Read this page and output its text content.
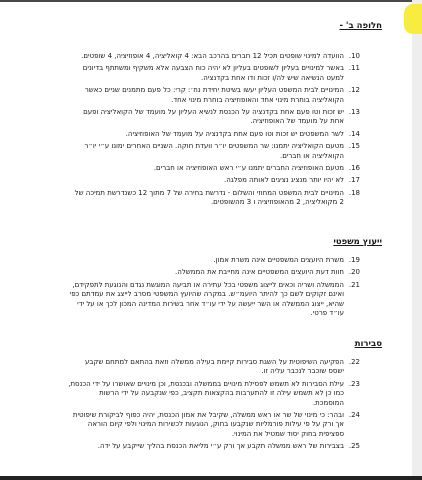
חלופה ב' -
10.
הוועדה למינוי שופטים תכיל 12 חברים בהרכב הבא: 4 קואליציה, 4 אופוזיציה, 4 שופטים.
11.
באשר למינויים בעליון לשופטים בעליון לא יהיה כוח הצבעה אלא משקיף ומשתתף בדיונים למעט הנשיאה שיש לה/ו זכות ודו אחת בקדנציה.
12.
המינויים לבית המשפט העליון יעשו בשיטת יחידת נח׳: קרי: כל פעם מתמנים שניים כאשר הקואליציה בוחרת מינוי אחד והאופוזיציה בוחרת מינוי אחד.
13.
יש זכות וטו פעם אחת בקדנציה על הכנסת לנשיא העליון על מועמד של הקואליציה ופעם אחת על מועמד של האופוזיציה.
14.
לשר המשפטים יש זכות וטו פעם אחת בקדנציה על מועמד של האופוזיציה.
15.
מטעם הקואליציה יתמנו: שר המשפטים יו״ר וועדת חוקה. השניים האחרים ימונו ע״י יו״ר הקואליציה או חברים.
16.
מטעם האופוזיציה החברים יתמנו ע״י ראש האופוזיציה או חברים.
17.
לא יהיו יותר מנציג נציגים לאותה מפלגה.
18.
המינויים לבית המשפט המחוזי והשלום - נדרשת בחירה של 7 מתוך 12 כשנדרשת תמיכה של 2 מקואליציה, 2 מהאופוזיציה ו 3 מהשופטים.
ייעוץ משפטי
19.
משרת היועצים המשפטיים אינה משרת אמון.
20.
חוות דעת היועצים המשפטיים אינה מחייבת את הממשלה.
21.
הממשלה ושריה וכאים לייצוג משפטי בכל עתירה או תביעה המוגשת נגדם והנוגעת לתפקידם, ואינם זקוקים לשם כך להיתר היועמ״ש. במקרה שהיועץ המשפטי מסרב לייצג את עמדתם כפי שהיא, ייצוג הממשלה או השר ייעשה על ידי עו״ד אחר בשירות המדינה המכון לכך או על ידי עו״ד פרטי.
סבירות
22.
הפקיעה השיפוטית על השגת סבירות קיימת בעילה ממשלה וזאת בהתאם למתחם שקבע ישסס שוכבר לנכבר עליה זו.
23.
עילת הסבירות לא תשמש לפסילת מינויים בממשלה ובכנסת, וכן מינויים שאושרו על ידי הכנסת, כמו כן לא תשמש עילה זו להתערבות בהקצאות תקציב, כפי שנקבעה על ידי הרשות המוסמכת.
24.
ובהר: כי מינוי של שר או ראש ממשלה, שקיבל את אמון הכנסת, יהיה כפוף לביקורת שיפוטית אך ורק על פי עילות פורמליות שנקבעו בחוק, הנוגעות לכשירות המינוי ולפי קיום הוראה ספציפית בחוק יסוד שמטיל את המינוי.
25.
בצבירות של ראש ממשלה תקבע אך ורק ע״י מליאת הכנסת בהליך שייקבע על ידה.
